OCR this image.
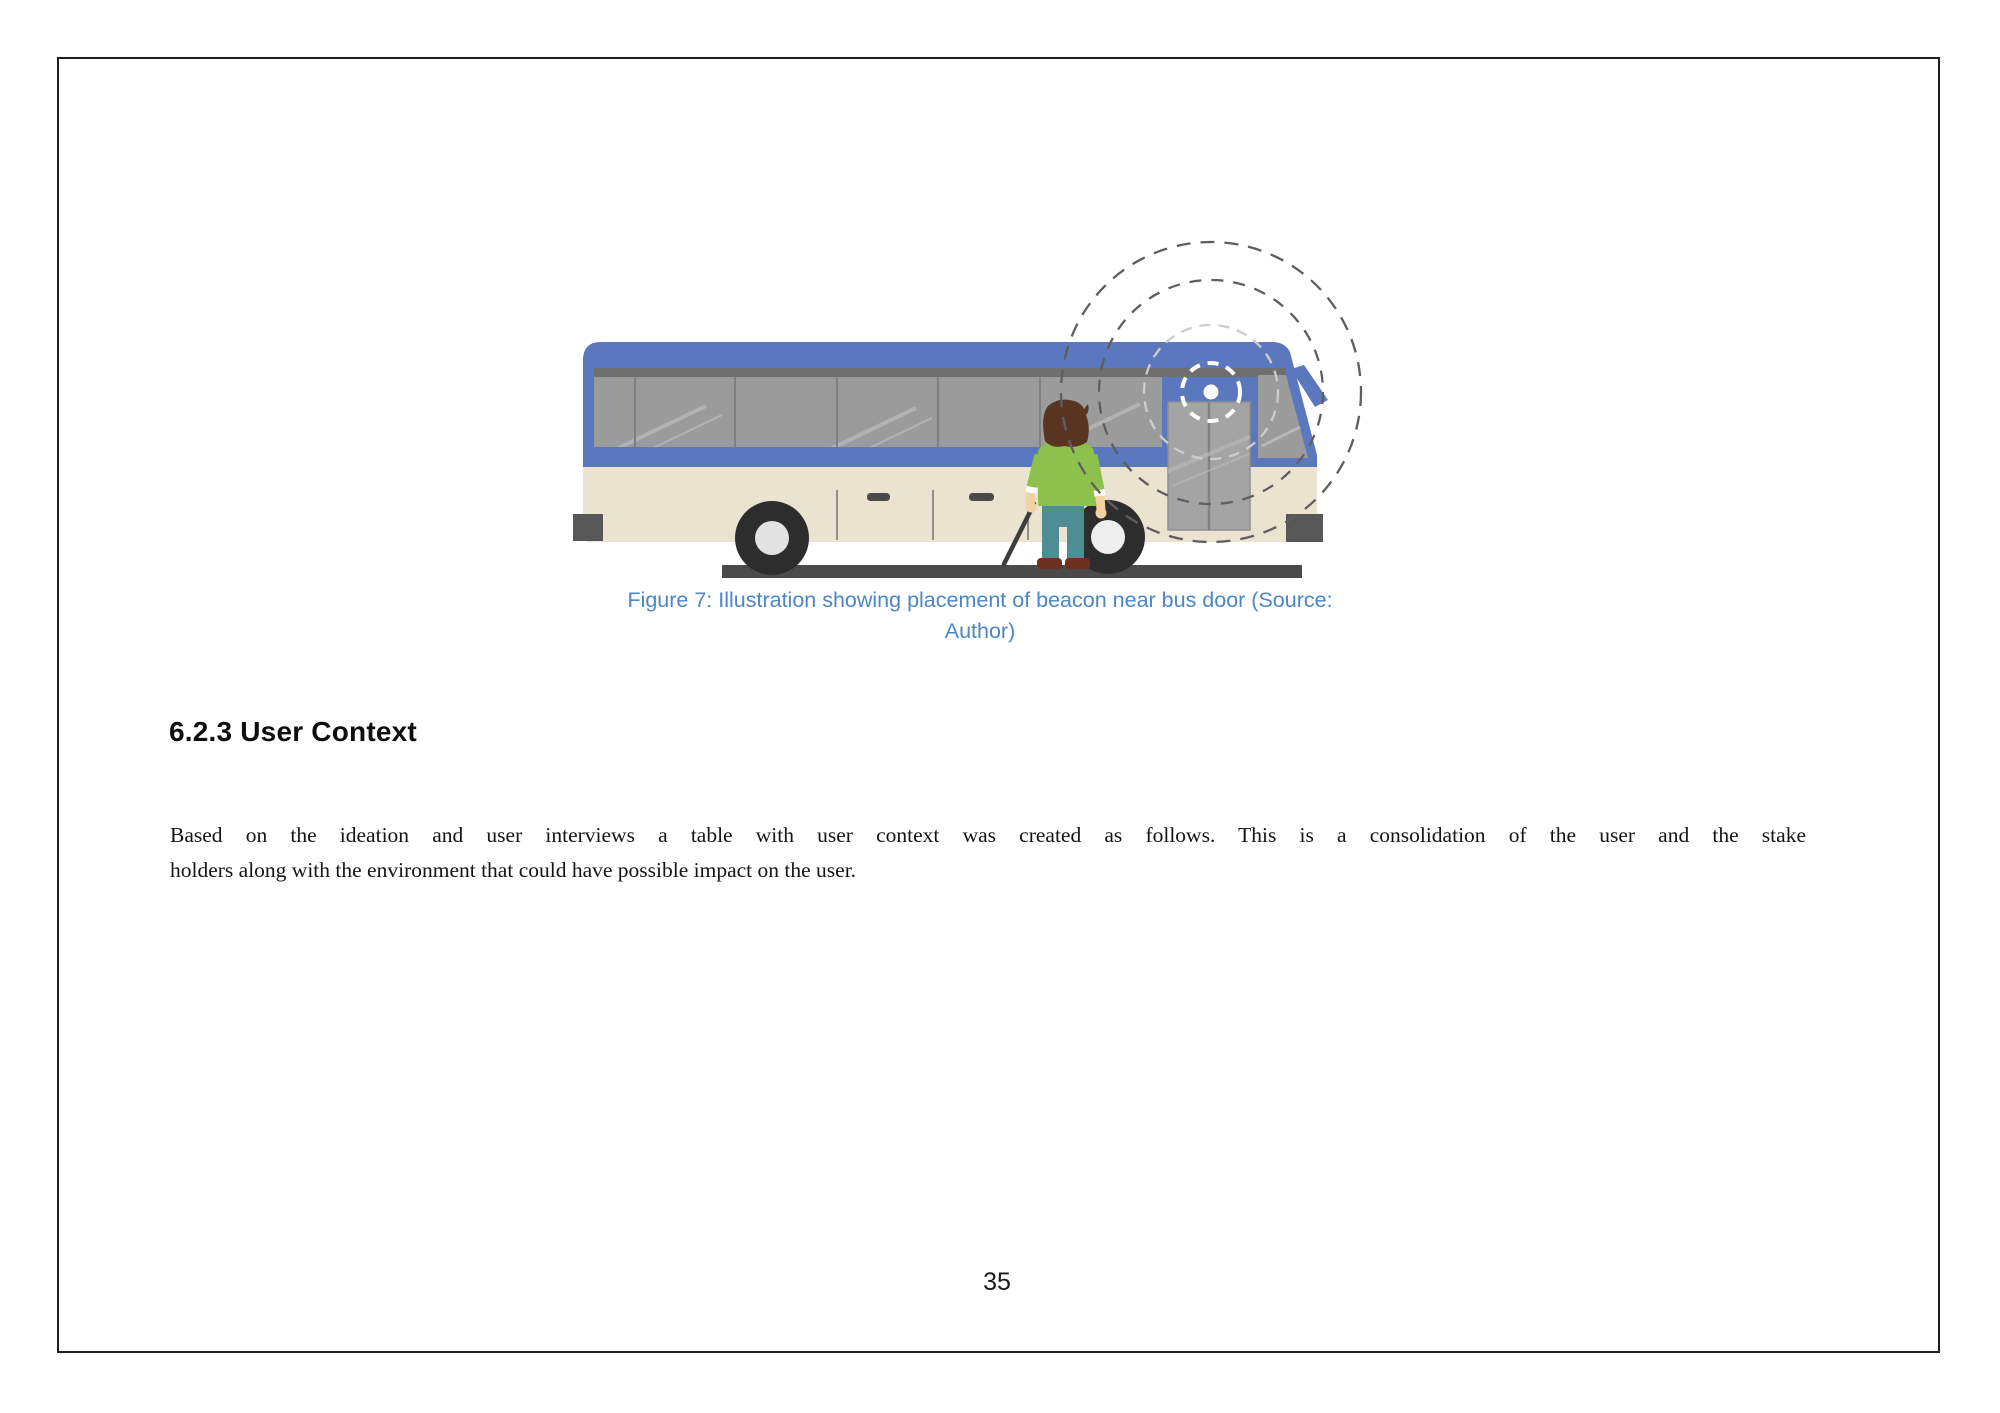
Figure 7: Illustration showing placement of beacon near bus door (Source:
Author)
6.2.3 User Context
Based on the ideation and user interviews a table with user context was created as follows. This is a consolidation of the user and the stake
holders along with the environment that could have possible impact on the user.
35
